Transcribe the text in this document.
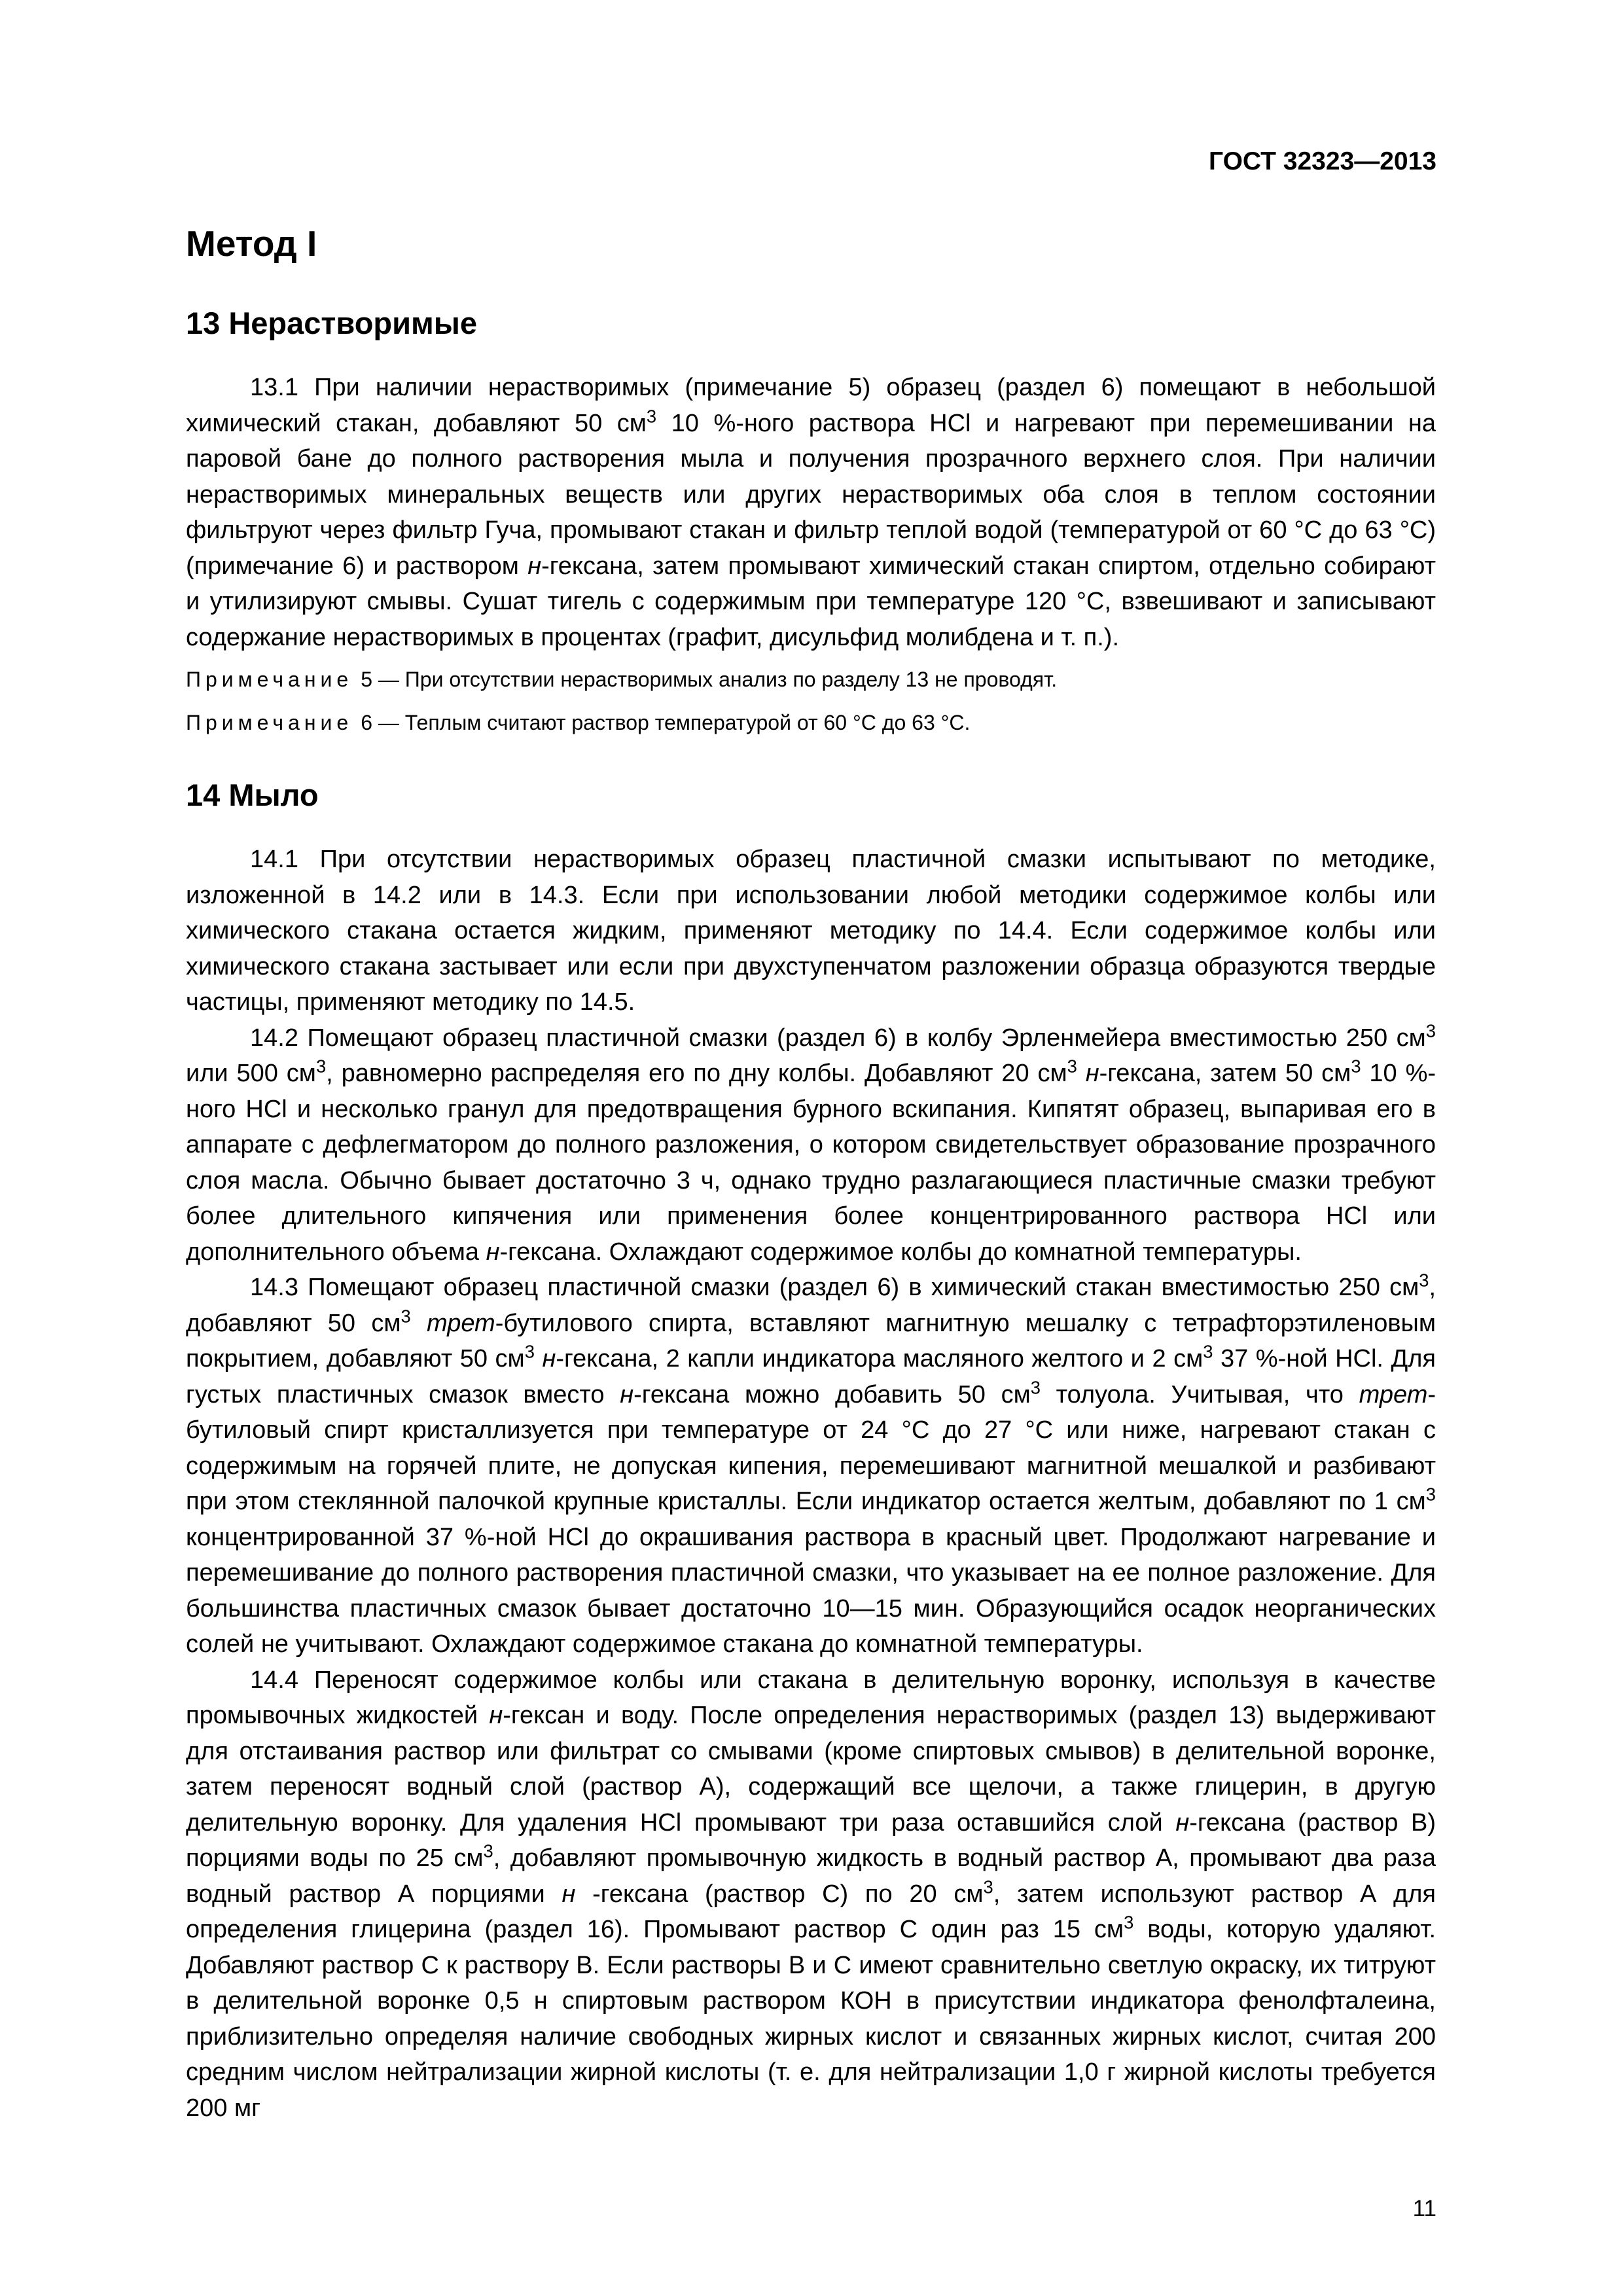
ГОСТ 32323—2013
Метод I
13 Нерастворимые

13.1 При наличии нерастворимых (примечание 5) образец (раздел 6) помещают в небольшой химический стакан, добавляют 50 $см^3$ 10 %-ного раствора HCl и нагревают при перемешивании на паровой бане до полного растворения мыла и получения прозрачного верхнего слоя. При наличии нерастворимых минеральных веществ или других нерастворимых оба слоя в теплом состоянии фильтруют через фильтр Гуча, промывают стакан и фильтр теплой водой (температурой от 60 °С до 63 °С) (примечание 6) и раствором н-гексана, затем промывают химический стакан спиртом, отдельно собирают и утилизируют смывы. Сушат тигель с содержимым при температуре 120 °С, взвешивают и записывают содержание нерастворимых в процентах (графит, дисульфид молибдена и т. п.).

Примечание 5 — При отсутствии нерастворимых анализ по разделу 13 не проводят.

Примечание 6 — Теплым считают раствор температурой от 60 °С до 63 °С.

14 Мыло

14.1 При отсутствии нерастворимых образец пластичной смазки испытывают по методике, изложенной в 14.2 или в 14.3. Если при использовании любой методики содержимое колбы или химического стакана остается жидким, применяют методику по 14.4. Если содержимое колбы или химического стакана застывает или если при двухступенчатом разложении образца образуются твердые частицы, применяют методику по 14.5.

14.2 Помещают образец пластичной смазки (раздел 6) в колбу Эрленмейера вместимостью 250 $см^3$ или 500 $см^3$, равномерно распределяя его по дну колбы. Добавляют 20 $см^3$ н-гексана, затем 50 $см^3$ 10 %-ного HCl и несколько гранул для предотвращения бурного вскипания. Кипятят образец, выпаривая его в аппарате с дефлегматором до полного разложения, о котором свидетельствует образование прозрачного слоя масла. Обычно бывает достаточно 3 ч, однако трудно разлагающиеся пластичные смазки требуют более длительного кипячения или применения более концентрированного раствора HCl или дополнительного объема н-гексана. Охлаждают содержимое колбы до комнатной температуры.

14.3 Помещают образец пластичной смазки (раздел 6) в химический стакан вместимостью 250 $см^3$, добавляют 50 $см^3$ трет-бутилового спирта, вставляют магнитную мешалку с тетрафторэтиленовым покрытием, добавляют 50 $см^3$ н-гексана, 2 капли индикатора масляного желтого и 2 $см^3$ 37 %-ной HCl. Для густых пластичных смазок вместо н-гексана можно добавить 50 $см^3$ толуола. Учитывая, что трет-бутиловый спирт кристаллизуется при температуре от 24 °С до 27 °С или ниже, нагревают стакан с содержимым на горячей плите, не допуская кипения, перемешивают магнитной мешалкой и разбивают при этом стеклянной палочкой крупные кристаллы. Если индикатор остается желтым, добавляют по 1 $см^3$ концентрированной 37 %-ной HCl до окрашивания раствора в красный цвет. Продолжают нагревание и перемешивание до полного растворения пластичной смазки, что указывает на ее полное разложение. Для большинства пластичных смазок бывает достаточно 10—15 мин. Образующийся осадок неорганических солей не учитывают. Охлаждают содержимое стакана до комнатной температуры.

14.4 Переносят содержимое колбы или стакана в делительную воронку, используя в качестве промывочных жидкостей н-гексан и воду. После определения нерастворимых (раздел 13) выдерживают для отстаивания раствор или фильтрат со смывами (кроме спиртовых смывов) в делительной воронке, затем переносят водный слой (раствор А), содержащий все щелочи, а также глицерин, в другую делительную воронку. Для удаления HCl промывают три раза оставшийся слой н-гексана (раствор В) порциями воды по 25 $см^3$, добавляют промывочную жидкость в водный раствор А, промывают два раза водный раствор А порциями н -гексана (раствор С) по 20 $см^3$, затем используют раствор А для определения глицерина (раздел 16). Промывают раствор С один раз 15 $см^3$ воды, которую удаляют. Добавляют раствор С к раствору В. Если растворы В и С имеют сравнительно светлую окраску, их титруют в делительной воронке 0,5 н спиртовым раствором КОН в присутствии индикатора фенолфталеина, приблизительно определяя наличие свободных жирных кислот и связанных жирных кислот, считая 200 средним числом нейтрализации жирной кислоты (т. е. для нейтрализации 1,0 г жирной кислоты требуется 200 мг

11
